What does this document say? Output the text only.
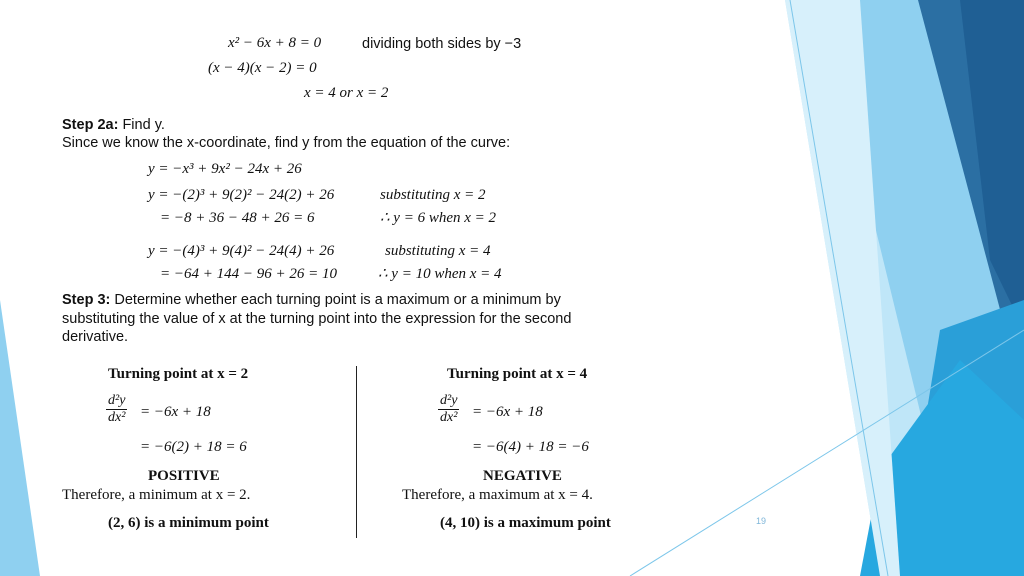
x² − 6x + 8 = 0	dividing both sides by −3
(x − 4)(x − 2) = 0
x = 4 or x = 2
Step 2a: Find y.
Since we know the x-coordinate, find y from the equation of the curve:
y = −x³ + 9x² − 24x + 26
y = −(2)³ + 9(2)² − 24(2) + 26	substituting x = 2
= −8 + 36 − 48 + 26 = 6	∴ y = 6 when x = 2
y = −(4)³ + 9(4)² − 24(4) + 26	substituting x = 4
= −64 + 144 − 96 + 26 = 10	∴ y = 10 when x = 4
Step 3: Determine whether each turning point is a maximum or a minimum by
substituting the value of x at the turning point into the expression for the second
derivative.
Turning point at x = 2
d²y
dx² = −6x + 18
= −6(2) + 18 = 6
POSITIVE
Therefore, a minimum at x = 2.
(2, 6) is a minimum point
Turning point at x = 4
d²y
dx² = −6x + 18
= −6(4) + 18 = −6
NEGATIVE
Therefore, a maximum at x = 4.
(4, 10) is a maximum point	19
